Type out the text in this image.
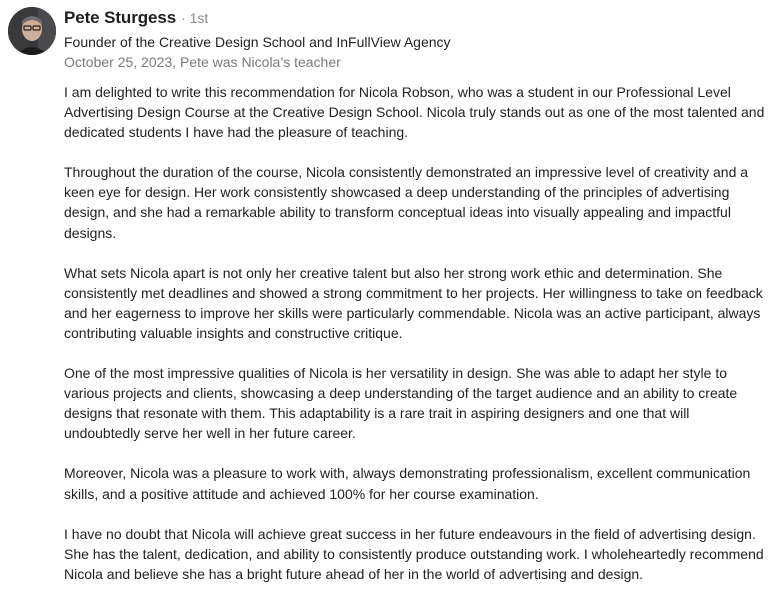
Pete Sturgess · 1st
Founder of the Creative Design School and InFullView Agency
October 25, 2023, Pete was Nicola’s teacher

I am delighted to write this recommendation for Nicola Robson, who was a student in our Professional Level Advertising Design Course at the Creative Design School. Nicola truly stands out as one of the most talented and dedicated students I have had the pleasure of teaching.

Throughout the duration of the course, Nicola consistently demonstrated an impressive level of creativity and a keen eye for design. Her work consistently showcased a deep understanding of the principles of advertising design, and she had a remarkable ability to transform conceptual ideas into visually appealing and impactful designs.

What sets Nicola apart is not only her creative talent but also her strong work ethic and determination. She consistently met deadlines and showed a strong commitment to her projects. Her willingness to take on feedback and her eagerness to improve her skills were particularly commendable. Nicola was an active participant, always contributing valuable insights and constructive critique.

One of the most impressive qualities of Nicola is her versatility in design. She was able to adapt her style to various projects and clients, showcasing a deep understanding of the target audience and an ability to create designs that resonate with them. This adaptability is a rare trait in aspiring designers and one that will undoubtedly serve her well in her future career.

Moreover, Nicola was a pleasure to work with, always demonstrating professionalism, excellent communication skills, and a positive attitude and achieved 100% for her course examination.

I have no doubt that Nicola will achieve great success in her future endeavours in the field of advertising design. She has the talent, dedication, and ability to consistently produce outstanding work. I wholeheartedly recommend Nicola and believe she has a bright future ahead of her in the world of advertising and design.
